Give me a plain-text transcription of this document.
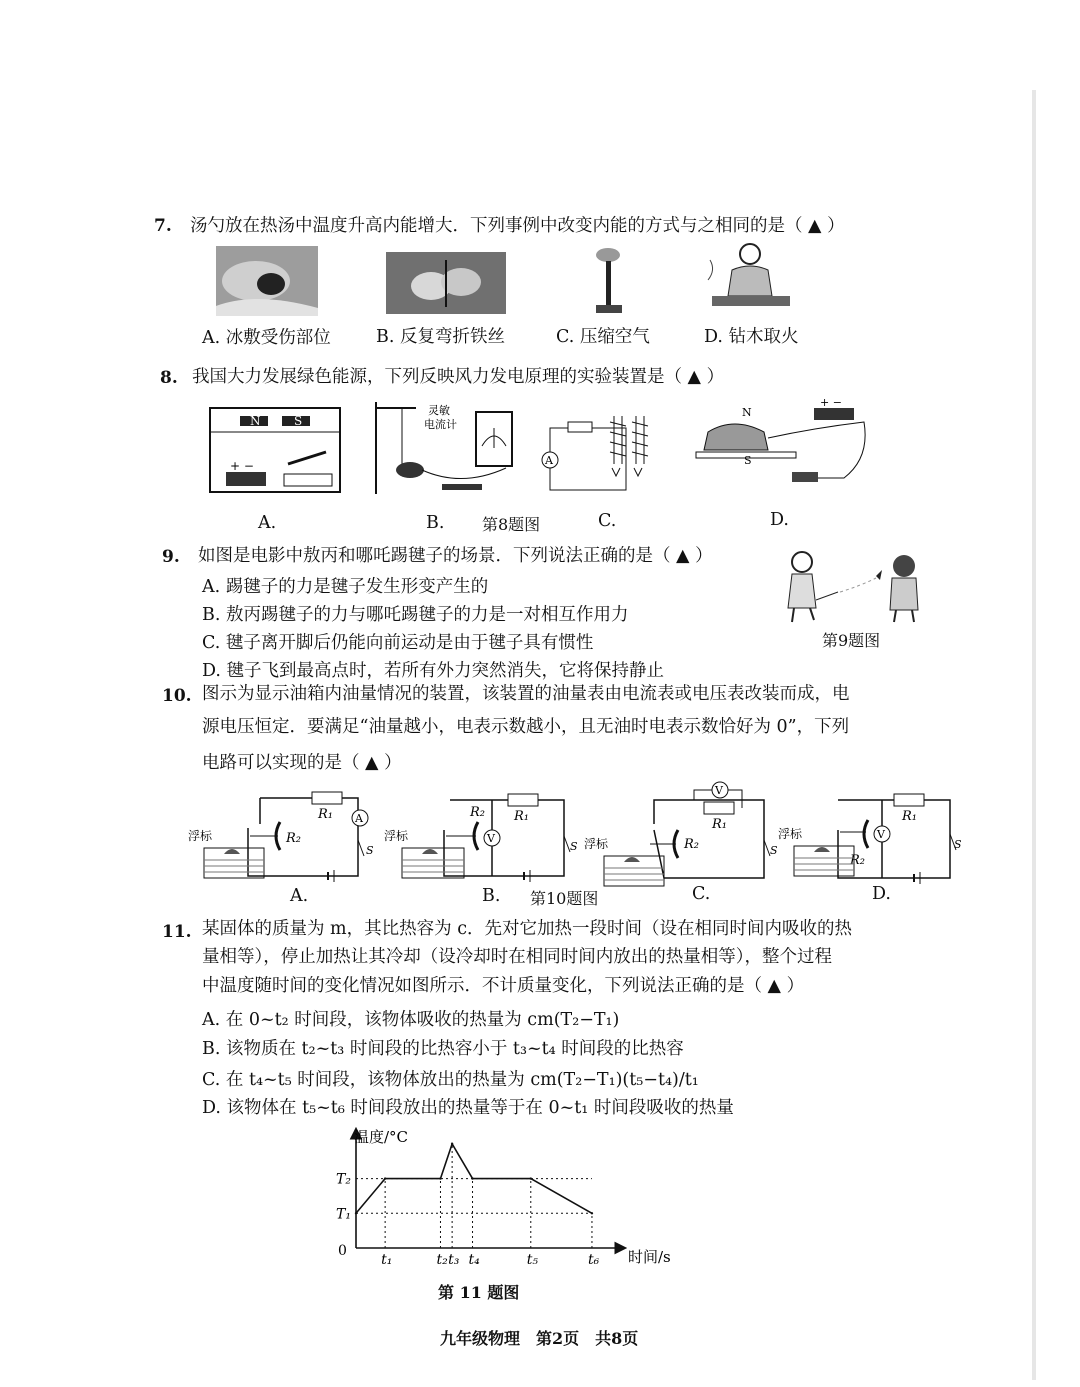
7. 汤勺放在热汤中温度升高内能增大．下列事例中改变内能的方式与之相同的是（ ▲ ）
A. 冰敷受伤部位	B. 反复弯折铁丝	C. 压缩空气	D. 钻木取火
8. 我国大力发展绿色能源，下列反映风力发电原理的实验装置是（ ▲ ）
N	S
+ −
灵敏
电流计
A
+ −
N
S
A.	B. 第8题图	C.	D.
9. 如图是电影中敖丙和哪吒踢毽子的场景．下列说法正确的是（ ▲ ）
A. 踢毽子的力是毽子发生形变产生的
B. 敖丙踢毽子的力与哪吒踢毽子的力是一对相互作用力
C. 毽子离开脚后仍能向前运动是由于毽子具有惯性
D. 毽子飞到最高点时，若所有外力突然消失，它将保持静止
第9题图
10. 图示为显示油箱内油量情况的装置，该装置的油量表由电流表或电压表改装而成，电
源电压恒定．要满足“油量越小，电表示数越小，且无油时电表示数恰好为 0”，下列
电路可以实现的是（ ▲ ）
R₁ A
R₂
S
浮标
R₁
R₂
V
S
浮标
V
R₁
R₂	S
浮标
R₁
V
R₂
S
浮标
A.	B. 第10题图	C.	D.
11. 某固体的质量为 m，其比热容为 c．先对它加热一段时间（设在相同时间内吸收的热
量相等），停止加热让其冷却（设冷却时在相同时间内放出的热量相等），整个过程
中温度随时间的变化情况如图所示．不计质量变化，下列说法正确的是（ ▲ ）
A. 在 0~t₂ 时间段，该物体吸收的热量为 cm(T₂−T₁)
B. 该物质在 t₂~t₃ 时间段的比热容小于 t₃~t₄ 时间段的比热容
C. 在 t₄~t₅ 时间段，该物体放出的热量为 cm(T₂−T₁)(t₅−t₄)/t₁
D. 该物体在 t₅~t₆ 时间段放出的热量等于在 0~t₁ 时间段吸收的热量
温度/°C
时间/s
0
T₁
T₂
t₁	t₂ t₃ t₄	t₅	t₆
第 11 题图
九年级物理　第2页　共8页
